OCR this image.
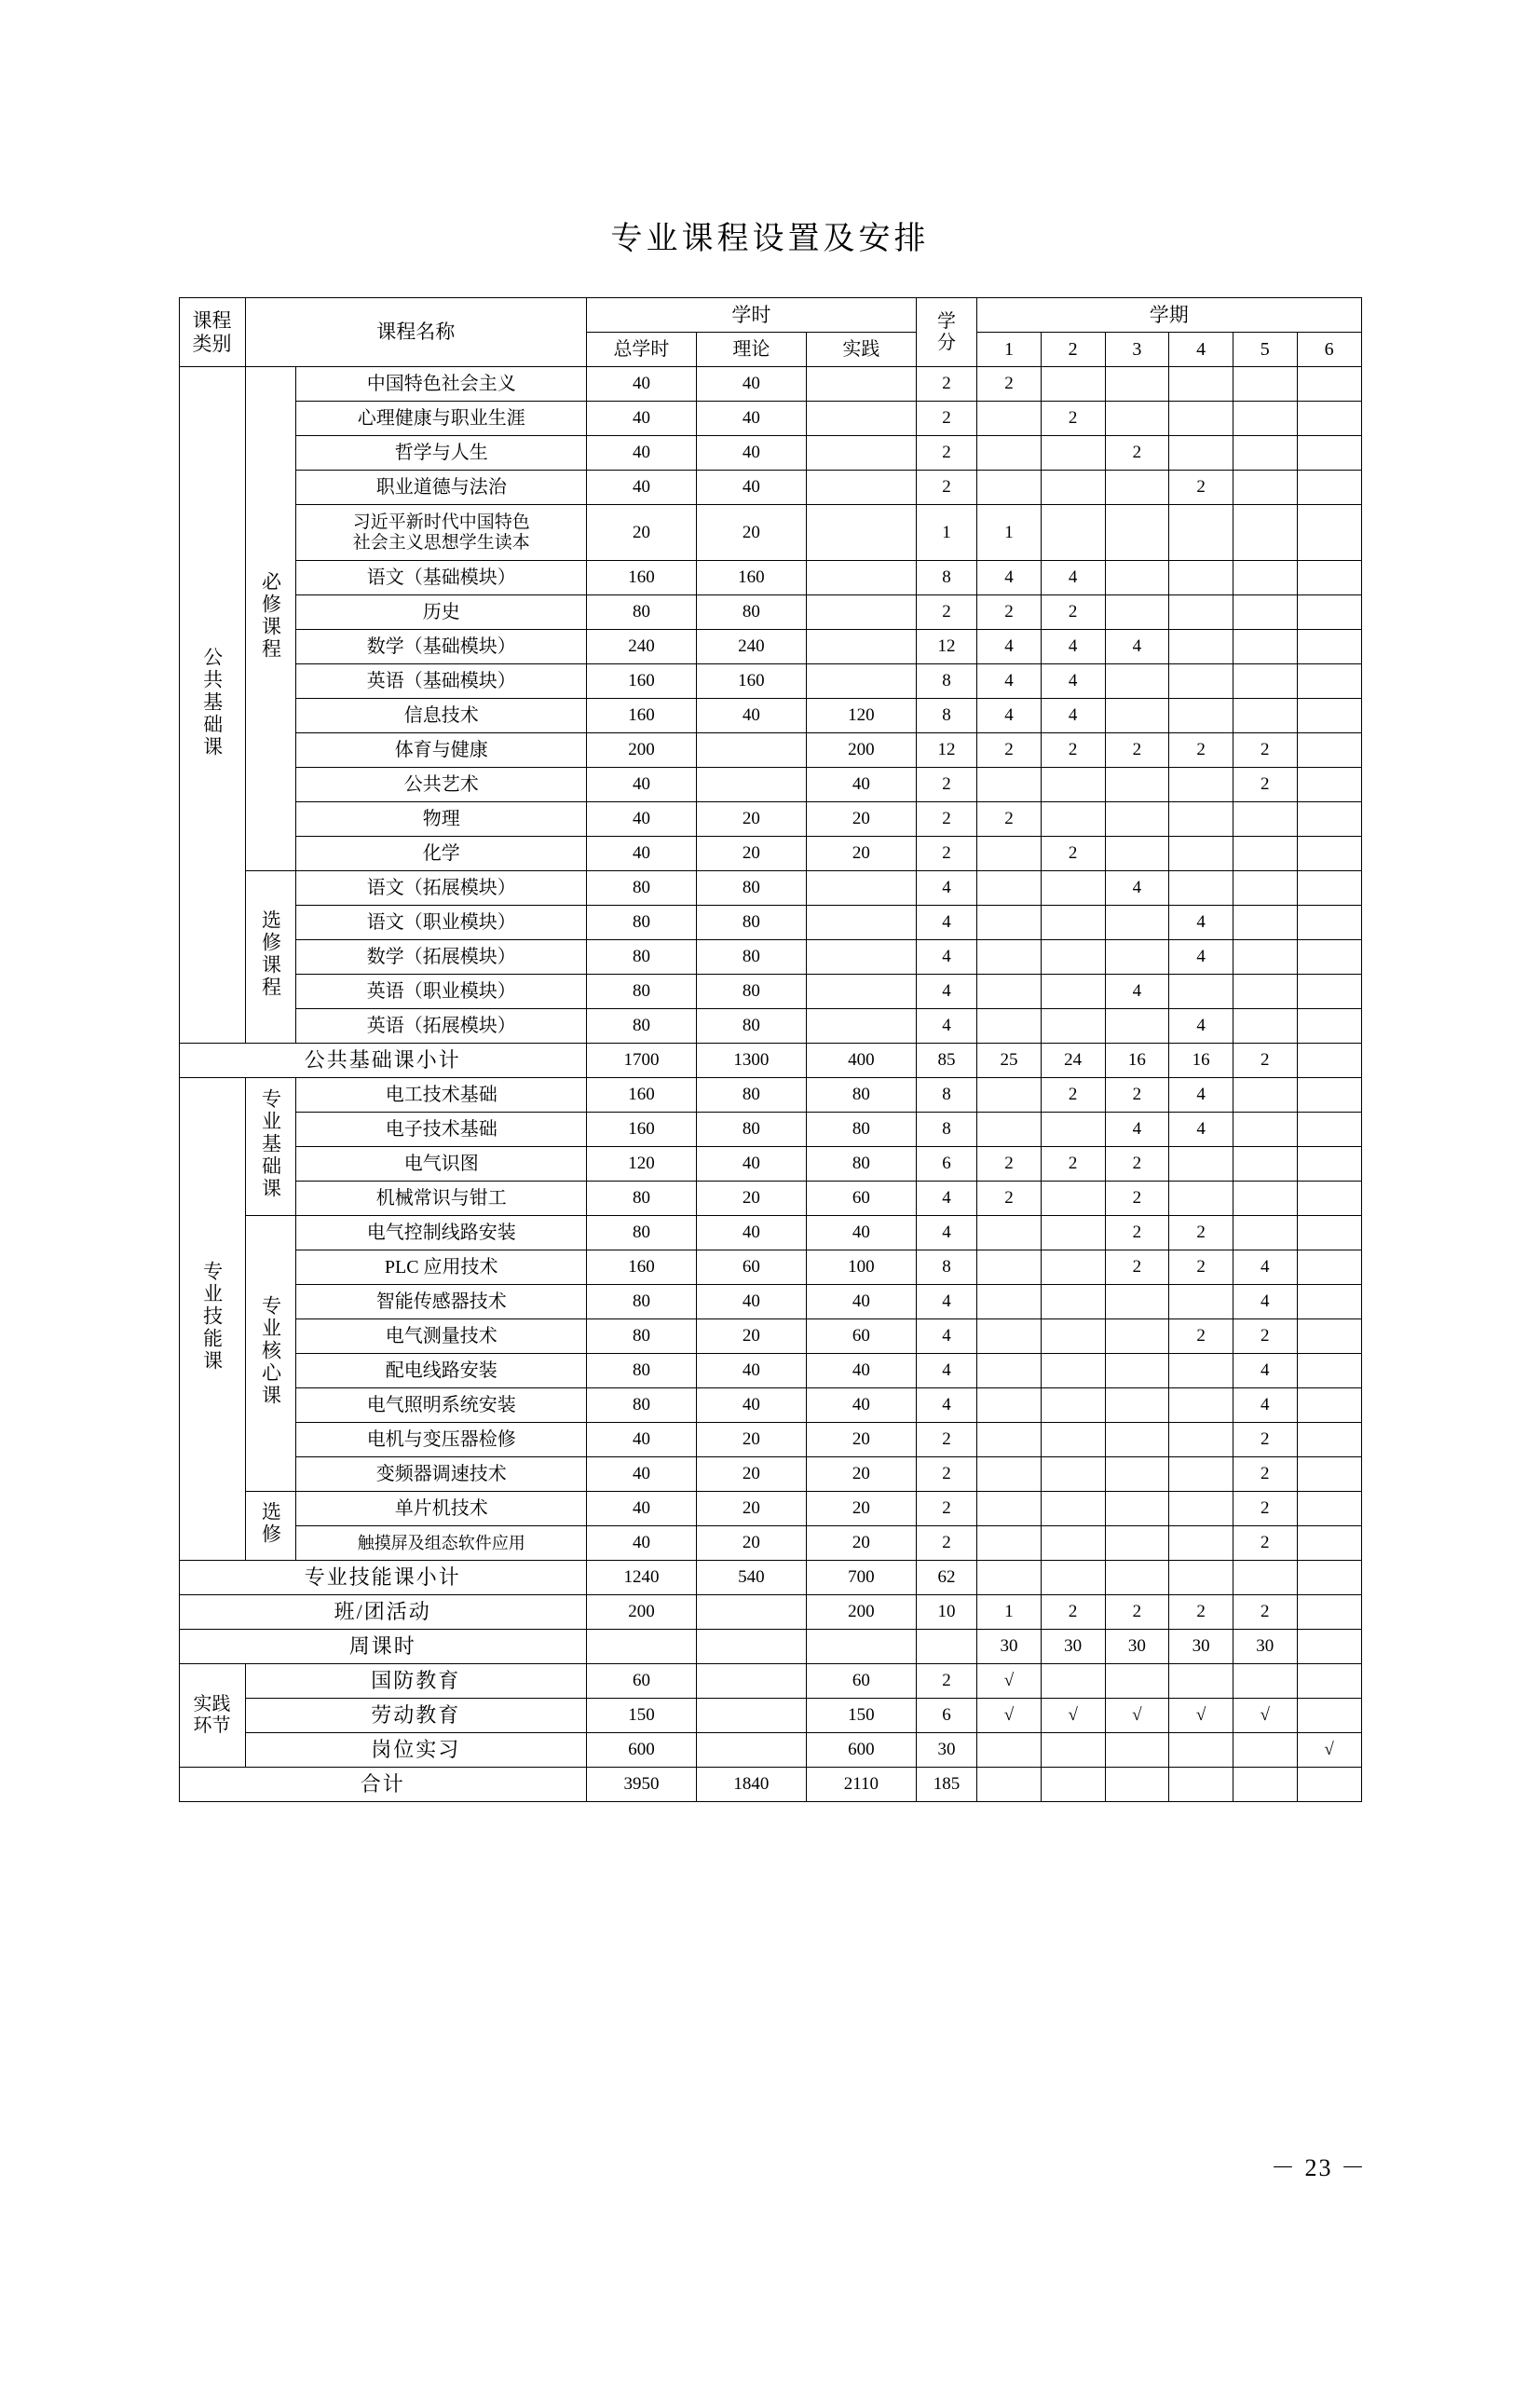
专业课程设置及安排
课程
类别
	课程名称	学时	学
分
	学期
			总学时	理论	实践		1	2	3	4	5	6
公共基础课	必修课程	中国特色社会主义	40	40		2	2					
		心理健康与职业生涯	40	40		2		2				
		哲学与人生	40	40		2			2			
		职业道德与法治	40	40		2				2		

		习近平新时代中国特色
社会主义思想学生读本	20	20		1	1					
		语文（基础模块）	160	160		8	4	4				
		历史	80	80		2	2	2				
		数学（基础模块）	240	240		12	4	4	4			
		英语（基础模块）	160	160		8	4	4				
		信息技术	160	40	120	8	4	4				
		体育与健康	200		200	12	2	2	2	2	2	
		公共艺术	40		40	2					2	
		物理	40	20	20	2	2					
		化学	40	20	20	2		2				
	选修课程	语文（拓展模块）	80	80		4			4			
		语文（职业模块）	80	80		4				4		
		数学（拓展模块）	80	80		4				4		
		英语（职业模块）	80	80		4			4			
		英语（拓展模块）	80	80		4				4		
公共基础课小计			1700	1300	400	85	25	24	16	16	2	
专业技能课	专业基础课	电工技术基础	160	80	80	8		2	2	4		
		电子技术基础	160	80	80	8			4	4		
		电气识图	120	40	80	6	2	2	2			
		机械常识与钳工	80	20	60	4	2		2			
	专业核心课	电气控制线路安装	80	40	40	4			2	2		
		PLC 应用技术	160	60	100	8			2	2	4	
		智能传感器技术	80	40	40	4					4	
		电气测量技术	80	20	60	4				2	2	
		配电线路安装	80	40	40	4					4	
		电气照明系统安装	80	40	40	4					4	
		电机与变压器检修	40	20	20	2					2	
		变频器调速技术	40	20	20	2					2	
	选修	单片机技术	40	20	20	2					2	
		触摸屏及组态软件应用	40	20	20	2					2	
专业技能课小计			1240	540	700	62						
班/团活动			200		200	10	1	2	2	2	2	
周课时							30	30	30	30	30	

实践
环节	国防教育		60		60	2	√					
	劳动教育		150		150	6	√	√	√	√	√	
	岗位实习		600		600	30						√
合计			3950	1840	2110	185						
－ 23 －
